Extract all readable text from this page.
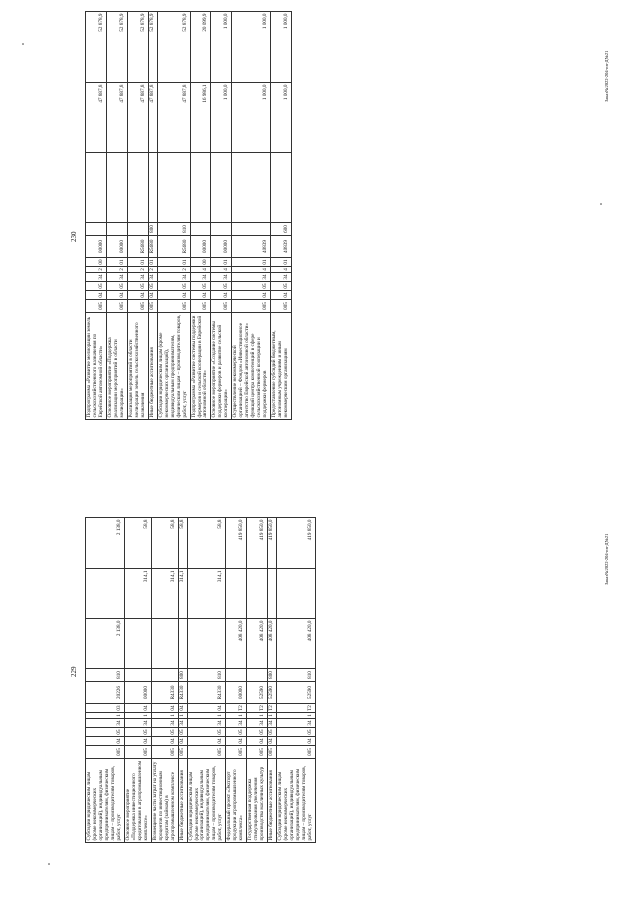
229
Субсидии юридическим лицам (кроме некоммерческих организаций), индивидуальным предпринимателям, физическим лицам – производителям товаров, работ, услуг	005	04	05	34	1	03	20226	810	2 138,0		2 138,0
Основное мероприятие «Поддержка инвестиционного кредитования в агропромышленном комплексе»	005	04	05	34	1	04	00000			314,1	58,8
Возмещение части затрат на уплату процентов по инвестиционным кредитам (займам) в агропромышленном комплексе	005	04	05	34	1	04	R4330			314,1	58,8
Иные бюджетные ассигнования	005	04	05	34	1	04	R4330	800		314,1	58,8
Субсидии юридическим лицам (кроме некоммерческих организаций), индивидуальным предпринимателям, физическим лицам – производителям товаров, работ, услуг	005	04	05	34	1	04	R4330	810		314,1	58,8
Федеральный проект «Экспорт продукции агропромышленного комплекса»	005	04	05	34	1	T2	00000		408 420,0		419 850,0
Государственная поддержка стимулирования увеличения производства масличных культур	005	04	05	34	1	T2	52590		408 420,0		419 850,0
Иные бюджетные ассигнования	005	04	05	34	1	T2	52590	800	408 420,0		419 850,0
Субсидии юридическим лицам (кроме некоммерческих организаций), индивидуальным предпринимателям, физическим лицам – производителям товаров, работ, услуг	005	04	05	34	1	T2	52590	810	408 420,0		419 850,0
Заказ№2022-204-пп-Д№21
230
Подпрограмма «Развитие мелиорации земель сельскохозяйственного назначения по Еврейской автономной области»	005	04	05	34	2	00	00000			47 887,8	52 878,9
Основное мероприятие «Поддержка реализации мероприятий в области мелиорации»	005	04	05	34	2	01	00000			47 887,8	52 878,9
Реализация мероприятий в области мелиорации земель сельскохозяйственного назначения	005	04	05	34	2	01	R5680			47 887,8	52 878,9
Иные бюджетные ассигнования	005	04	05	34	2	01	R5680	800		47 887,8	52 878,9
Субсидии юридическим лицам (кроме некоммерческих организаций), индивидуальным предпринимателям, физическим лицам – производителям товаров, работ, услуг	005	04	05	34	2	01	R5680	810		47 887,8	52 878,9
Подпрограмма «Развитие системы поддержки фермеров и сельской кооперации в Еврейской автономной области»	005	04	05	34	4	00	00000			16 986,1	20 099,9
Основное мероприятие «Создание системы поддержки фермеров и развитие сельской кооперации»	005	04	05	34	4	01	00000			1 000,0	1 000,0
Осуществление некоммерческой организацией – Фондом «Инвестиционное агентство Еврейской автономной области» функций центра компетенций в сфере сельскохозяйственной кооперации и поддержки фермеров	005	04	05	34	4	01	40839			1 000,0	1 000,0
Предоставление субсидий бюджетным, автономным учреждениям и иным некоммерческим организациям	005	04	05	34	4	01	40839	600		1 000,0	1 000,0
Заказ№2022-204-пп-Д№21
